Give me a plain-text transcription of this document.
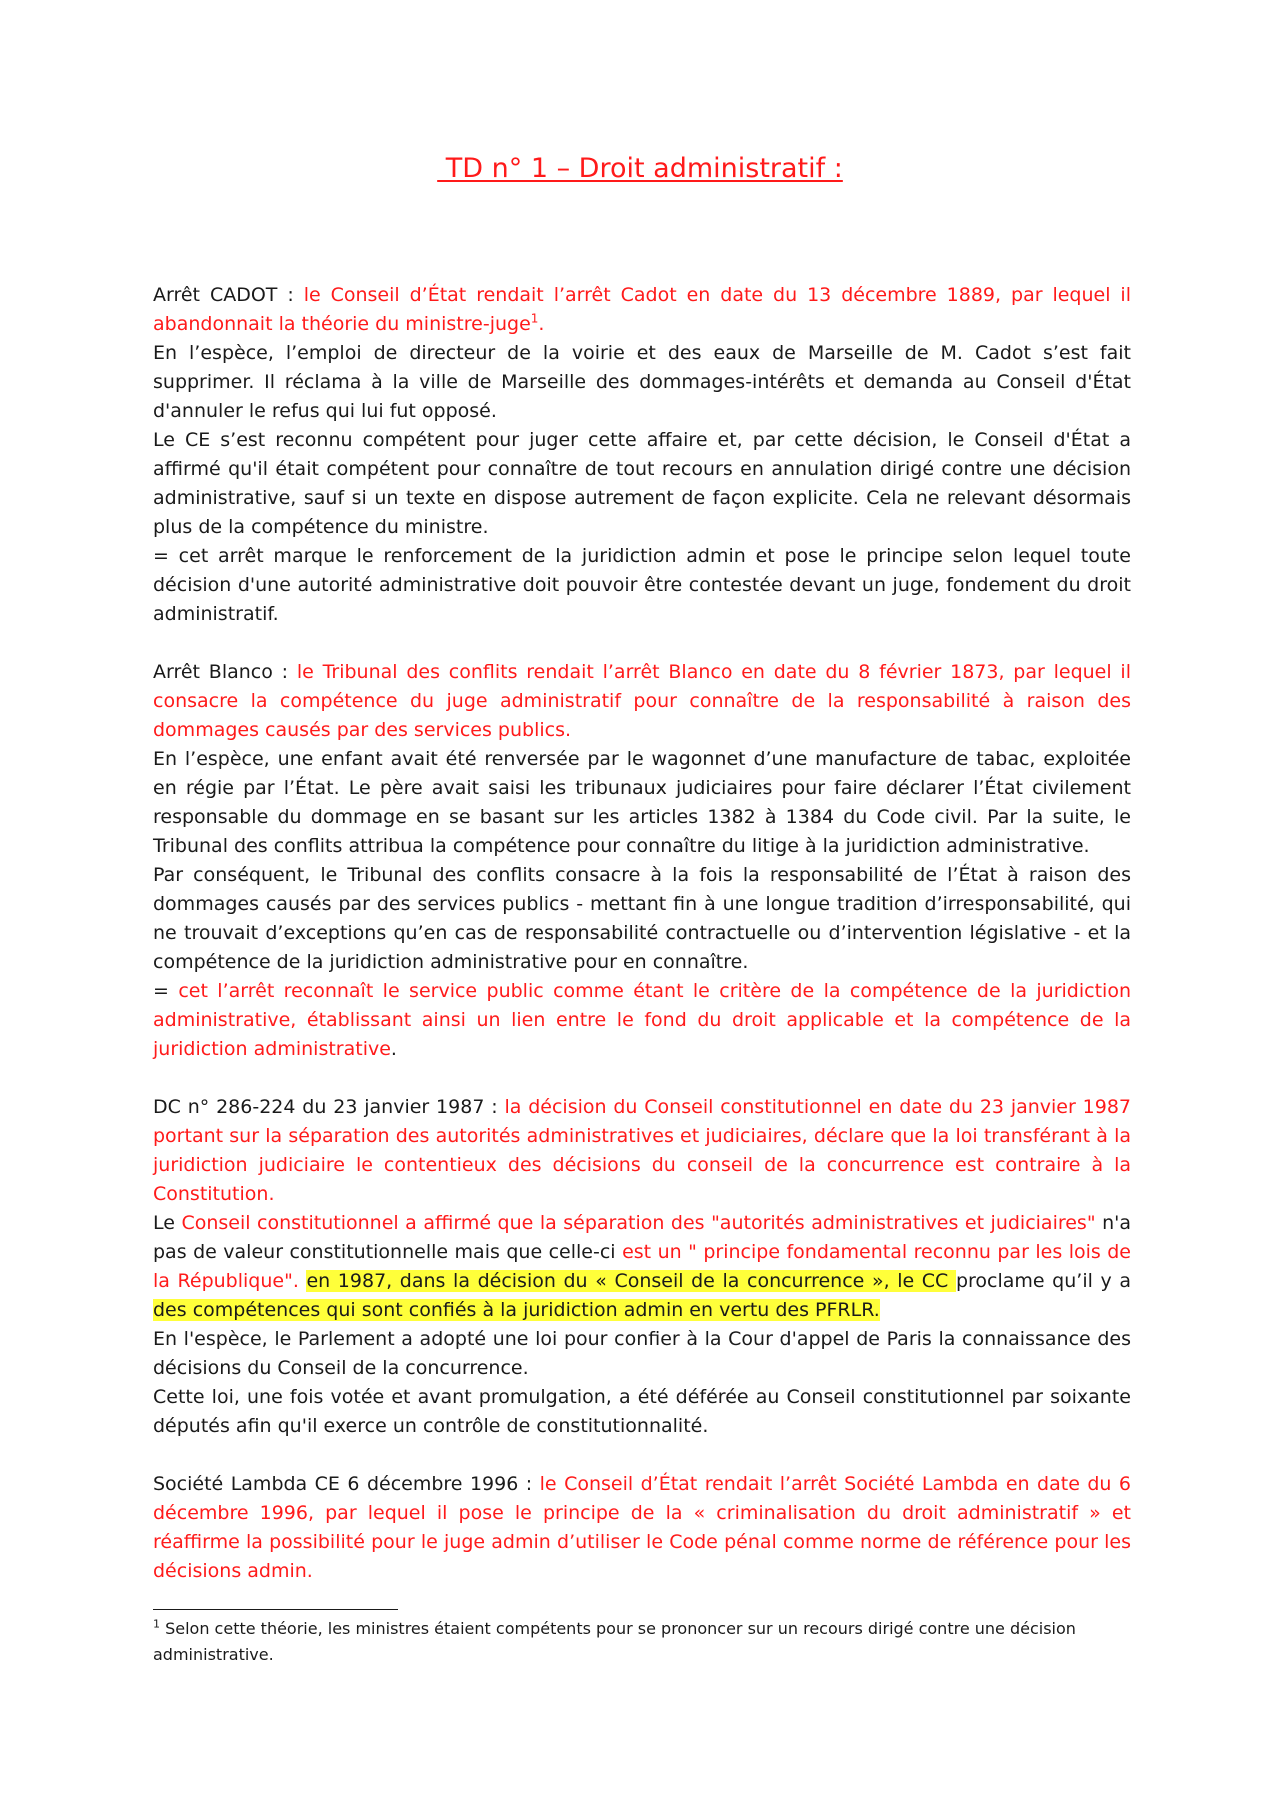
TD n° 1 – Droit administratif :

Arrêt CADOT : le Conseil d’État rendait l’arrêt Cadot en date du 13 décembre 1889, par lequel il abandonnait la théorie du ministre-juge$^1$.

En l’espèce, l’emploi de directeur de la voirie et des eaux de Marseille de M. Cadot s’est fait supprimer. Il réclama à la ville de Marseille des dommages-intérêts et demanda au Conseil d'État d'annuler le refus qui lui fut opposé.

Le CE s’est reconnu compétent pour juger cette affaire et, par cette décision, le Conseil d'État a affirmé qu'il était compétent pour connaître de tout recours en annulation dirigé contre une décision administrative, sauf si un texte en dispose autrement de façon explicite. Cela ne relevant désormais plus de la compétence du ministre.

= cet arrêt marque le renforcement de la juridiction admin et pose le principe selon lequel toute décision d'une autorité administrative doit pouvoir être contestée devant un juge, fondement du droit administratif.

Arrêt Blanco : le Tribunal des conflits rendait l’arrêt Blanco en date du 8 février 1873, par lequel il consacre la compétence du juge administratif pour connaître de la responsabilité à raison des dommages causés par des services publics.

En l’espèce, une enfant avait été renversée par le wagonnet d’une manufacture de tabac, exploitée en régie par l’État. Le père avait saisi les tribunaux judiciaires pour faire déclarer l’État civilement responsable du dommage en se basant sur les articles 1382 à 1384 du Code civil. Par la suite, le Tribunal des conflits attribua la compétence pour connaître du litige à la juridiction administrative.

Par conséquent, le Tribunal des conflits consacre à la fois la responsabilité de l’État à raison des dommages causés par des services publics - mettant fin à une longue tradition d’irresponsabilité, qui ne trouvait d’exceptions qu’en cas de responsabilité contractuelle ou d’intervention législative - et la compétence de la juridiction administrative pour en connaître.

= cet l’arrêt reconnaît le service public comme étant le critère de la compétence de la juridiction administrative, établissant ainsi un lien entre le fond du droit applicable et la compétence de la juridiction administrative.

DC n° 286-224 du 23 janvier 1987 : la décision du Conseil constitutionnel en date du 23 janvier 1987 portant sur la séparation des autorités administratives et judiciaires, déclare que la loi transférant à la juridiction judiciaire le contentieux des décisions du conseil de la concurrence est contraire à la Constitution.

Le Conseil constitutionnel a affirmé que la séparation des "autorités administratives et judiciaires" n'a pas de valeur constitutionnelle mais que celle-ci est un " principe fondamental reconnu par les lois de la République". en 1987, dans la décision du « Conseil de la concurrence », le CC proclame qu’il y a des compétences qui sont confiés à la juridiction admin en vertu des PFRLR.

En l'espèce, le Parlement a adopté une loi pour confier à la Cour d'appel de Paris la connaissance des décisions du Conseil de la concurrence.

Cette loi, une fois votée et avant promulgation, a été déférée au Conseil constitutionnel par soixante députés afin qu'il exerce un contrôle de constitutionnalité.

Société Lambda CE 6 décembre 1996 : le Conseil d’État rendait l’arrêt Société Lambda en date du 6 décembre 1996, par lequel il pose le principe de la « criminalisation du droit administratif » et réaffirme la possibilité pour le juge admin d’utiliser le Code pénal comme norme de référence pour les décisions admin.

$^1$ Selon cette théorie, les ministres étaient compétents pour se prononcer sur un recours dirigé contre une décision administrative.
